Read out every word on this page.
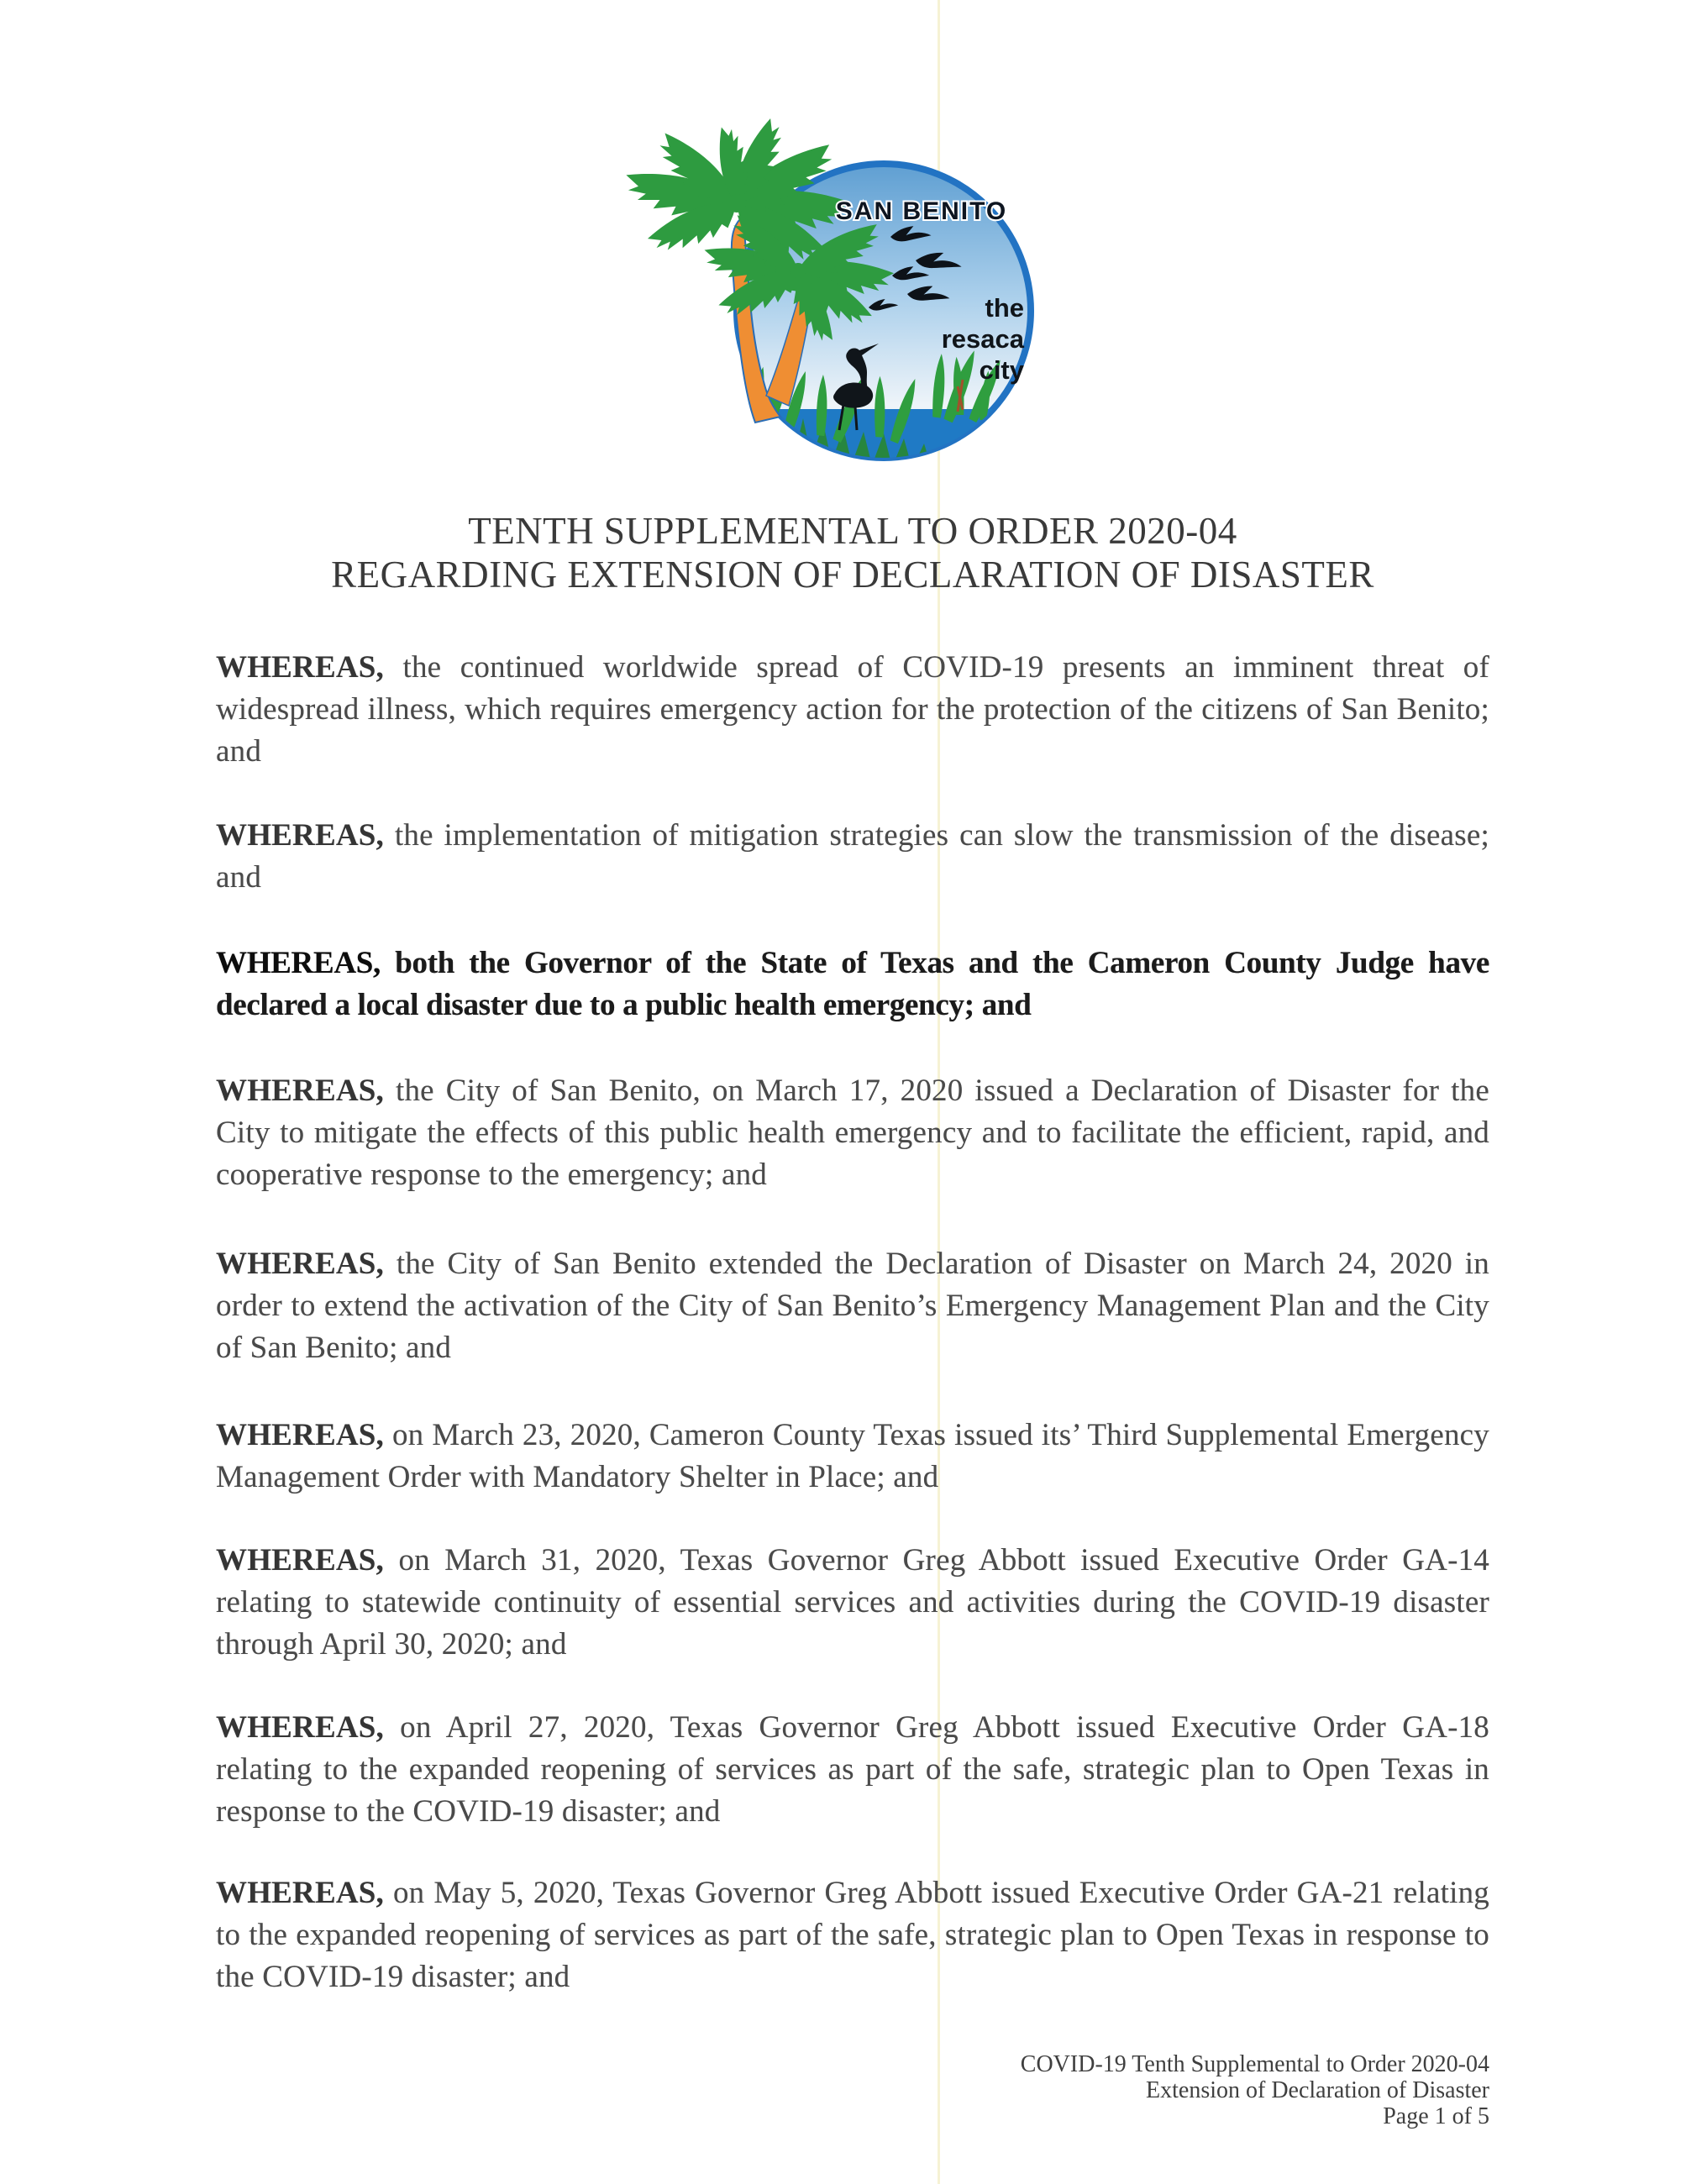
SAN BENITO
the
resaca
city
TENTH SUPPLEMENTAL TO ORDER 2020-04
REGARDING EXTENSION OF DECLARATION OF DISASTER

WHEREAS, the continued worldwide spread of COVID-19 presents an imminent threat of widespread illness, which requires emergency action for the protection of the citizens of San Benito; and

WHEREAS, the implementation of mitigation strategies can slow the transmission of the disease; and

WHEREAS, both the Governor of the State of Texas and the Cameron County Judge have declared a local disaster due to a public health emergency; and

WHEREAS, the City of San Benito, on March 17, 2020 issued a Declaration of Disaster for the City to mitigate the effects of this public health emergency and to facilitate the efficient, rapid, and cooperative response to the emergency; and

WHEREAS, the City of San Benito extended the Declaration of Disaster on March 24, 2020 in order to extend the activation of the City of San Benito’s Emergency Management Plan and the City of San Benito; and

WHEREAS, on March 23, 2020, Cameron County Texas issued its’ Third Supplemental Emergency Management Order with Mandatory Shelter in Place; and

WHEREAS, on March 31, 2020, Texas Governor Greg Abbott issued Executive Order GA-14 relating to statewide continuity of essential services and activities during the COVID-19 disaster through April 30, 2020; and

WHEREAS, on April 27, 2020, Texas Governor Greg Abbott issued Executive Order GA-18 relating to the expanded reopening of services as part of the safe, strategic plan to Open Texas in response to the COVID-19 disaster; and

WHEREAS, on May 5, 2020, Texas Governor Greg Abbott issued Executive Order GA-21 relating to the expanded reopening of services as part of the safe, strategic plan to Open Texas in response to the COVID-19 disaster; and

COVID-19 Tenth Supplemental to Order 2020-04
Extension of Declaration of Disaster
Page 1 of 5
